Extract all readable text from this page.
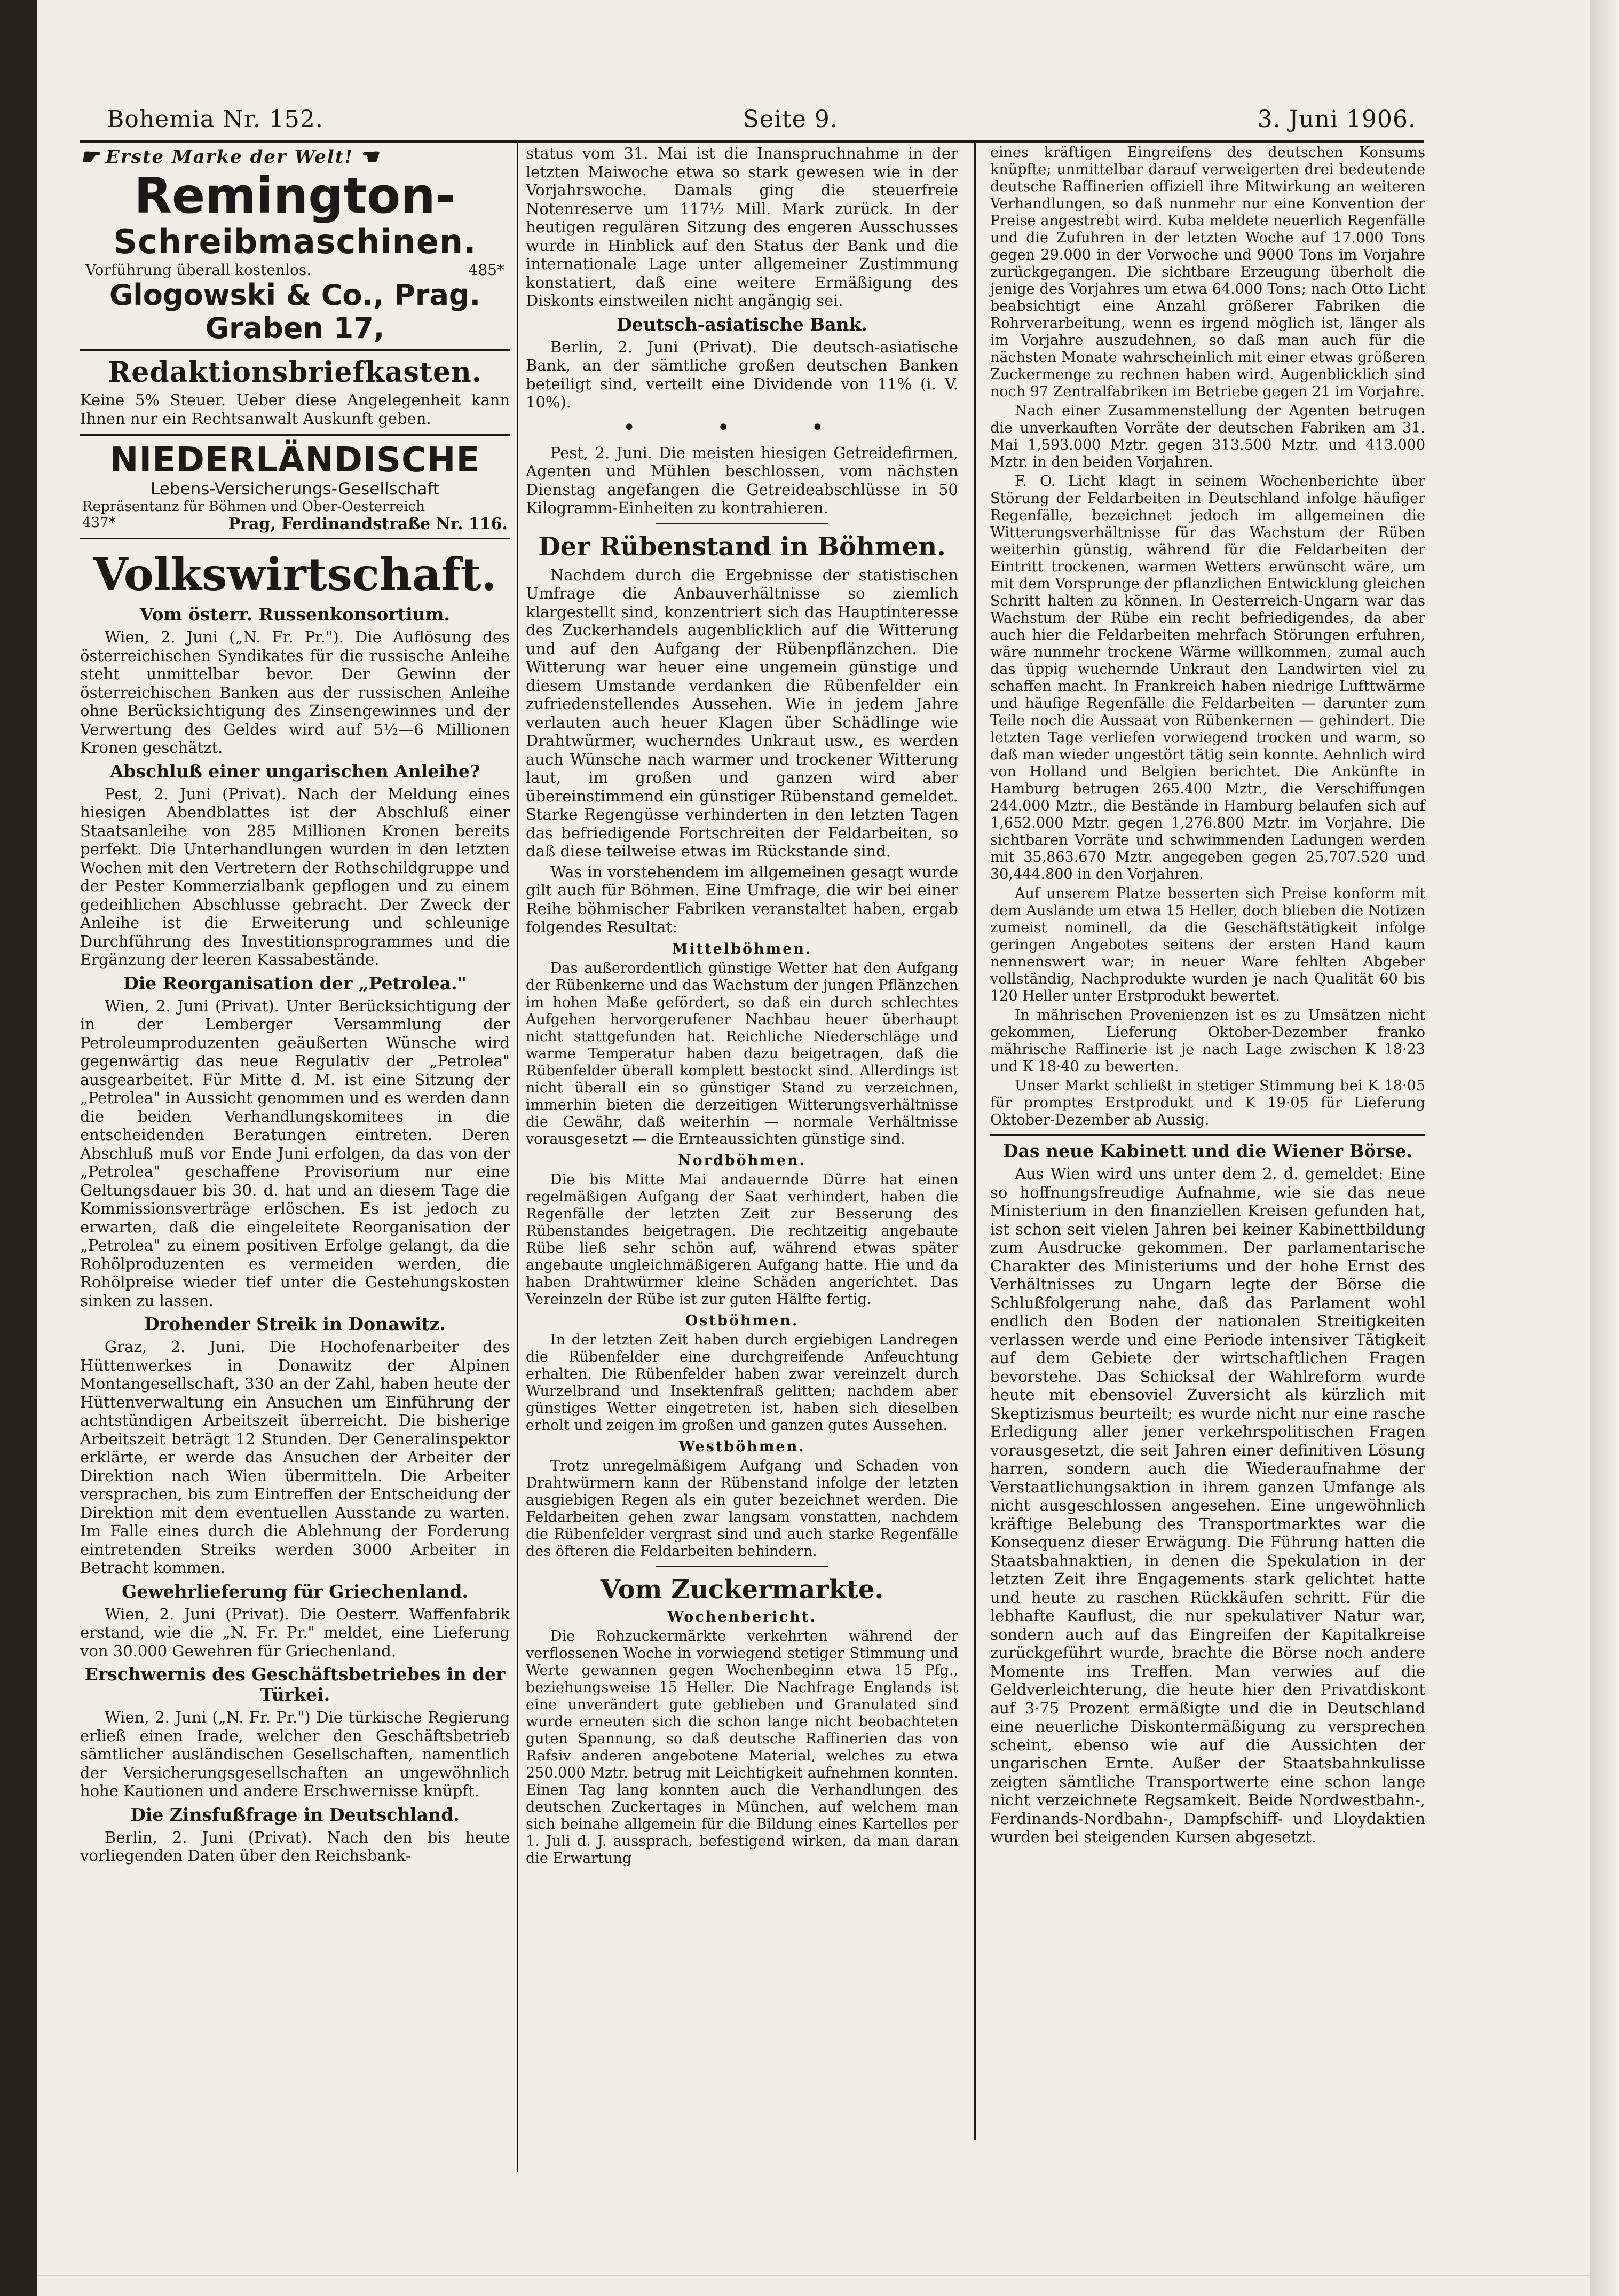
Bohemia Nr. 152.	Seite 9.	3. Juni 1906.
☛ Erste Marke der Welt! ☚
Remington-
Schreibmaschinen.
Vorführung überall kostenlos.	485*
Glogowski & Co., Prag. Graben 17,
Redaktionsbriefkasten.

Keine 5% Steuer. Ueber diese Angelegenheit kann Ihnen nur ein Rechtsanwalt Auskunft geben.

NIEDERLÄNDISCHE
Lebens-Versicherungs-Gesellschaft
Repräsentanz für Böhmen und Ober-Oesterreich
437*	Prag, Ferdinandstraße Nr. 116.
Volkswirtschaft.
Vom österr. Russenkonsortium.

Wien, 2. Juni („N. Fr. Pr."). Die Auflösung des österreichischen Syndikates für die russische Anleihe steht unmittelbar bevor. Der Gewinn der österreichischen Banken aus der russischen Anleihe ohne Berücksichtigung des Zinsengewinnes und der Verwertung des Geldes wird auf 5½—6 Millionen Kronen geschätzt.

Abschluß einer ungarischen Anleihe?

Pest, 2. Juni (Privat). Nach der Meldung eines hiesigen Abendblattes ist der Abschluß einer Staatsanleihe von 285 Millionen Kronen bereits perfekt. Die Unterhandlungen wurden in den letzten Wochen mit den Vertretern der Rothschildgruppe und der Pester Kommerzialbank gepflogen und zu einem gedeihlichen Abschlusse gebracht. Der Zweck der Anleihe ist die Erweiterung und schleunige Durchführung des Investitionsprogrammes und die Ergänzung der leeren Kassabestände.

Die Reorganisation der „Petrolea."

Wien, 2. Juni (Privat). Unter Berücksichtigung der in der Lemberger Versammlung der Petroleumproduzenten geäußerten Wünsche wird gegenwärtig das neue Regulativ der „Petrolea" ausgearbeitet. Für Mitte d. M. ist eine Sitzung der „Petrolea" in Aussicht genommen und es werden dann die beiden Verhandlungskomitees in die entscheidenden Beratungen eintreten. Deren Abschluß muß vor Ende Juni erfolgen, da das von der „Petrolea" geschaffene Provisorium nur eine Geltungsdauer bis 30. d. hat und an diesem Tage die Kommissionsverträge erlöschen. Es ist jedoch zu erwarten, daß die eingeleitete Reorganisation der „Petrolea" zu einem positiven Erfolge gelangt, da die Rohölproduzenten es vermeiden werden, die Rohölpreise wieder tief unter die Gestehungskosten sinken zu lassen.

Drohender Streik in Donawitz.

Graz, 2. Juni. Die Hochofenarbeiter des Hüttenwerkes in Donawitz der Alpinen Montangesellschaft, 330 an der Zahl, haben heute der Hüttenverwaltung ein Ansuchen um Einführung der achtstündigen Arbeitszeit überreicht. Die bisherige Arbeitszeit beträgt 12 Stunden. Der Generalinspektor erklärte, er werde das Ansuchen der Arbeiter der Direktion nach Wien übermitteln. Die Arbeiter versprachen, bis zum Eintreffen der Entscheidung der Direktion mit dem eventuellen Ausstande zu warten. Im Falle eines durch die Ablehnung der Forderung eintretenden Streiks werden 3000 Arbeiter in Betracht kommen.

Gewehrlieferung für Griechenland.

Wien, 2. Juni (Privat). Die Oesterr. Waffenfabrik erstand, wie die „N. Fr. Pr." meldet, eine Lieferung von 30.000 Gewehren für Griechenland.

Erschwernis des Geschäftsbetriebes in der Türkei.

Wien, 2. Juni („N. Fr. Pr.") Die türkische Regierung erließ einen Irade, welcher den Geschäftsbetrieb sämtlicher ausländischen Gesellschaften, namentlich der Versicherungsgesellschaften an ungewöhnlich hohe Kautionen und andere Erschwernisse knüpft.

Die Zinsfußfrage in Deutschland.

Berlin, 2. Juni (Privat). Nach den bis heute vorliegenden Daten über den Reichsbank-

status vom 31. Mai ist die Inanspruchnahme in der letzten Maiwoche etwa so stark gewesen wie in der Vorjahrswoche. Damals ging die steuerfreie Notenreserve um 117½ Mill. Mark zurück. In der heutigen regulären Sitzung des engeren Ausschusses wurde in Hinblick auf den Status der Bank und die internationale Lage unter allgemeiner Zustimmung konstatiert, daß eine weitere Ermäßigung des Diskonts einstweilen nicht angängig sei.

Deutsch-asiatische Bank.

Berlin, 2. Juni (Privat). Die deutsch-asiatische Bank, an der sämtliche großen deutschen Banken beteiligt sind, verteilt eine Dividende von 11% (i. V. 10%).

• • •

Pest, 2. Juni. Die meisten hiesigen Getreidefirmen, Agenten und Mühlen beschlossen, vom nächsten Dienstag angefangen die Getreideabschlüsse in 50 Kilogramm-Einheiten zu kontrahieren.

Der Rübenstand in Böhmen.

Nachdem durch die Ergebnisse der statistischen Umfrage die Anbauverhältnisse so ziemlich klargestellt sind, konzentriert sich das Hauptinteresse des Zuckerhandels augenblicklich auf die Witterung und auf den Aufgang der Rübenpflänzchen. Die Witterung war heuer eine ungemein günstige und diesem Umstande verdanken die Rübenfelder ein zufriedenstellendes Aussehen. Wie in jedem Jahre verlauten auch heuer Klagen über Schädlinge wie Drahtwürmer, wucherndes Unkraut usw., es werden auch Wünsche nach warmer und trockener Witterung laut, im großen und ganzen wird aber übereinstimmend ein günstiger Rübenstand gemeldet. Starke Regengüsse verhinderten in den letzten Tagen das befriedigende Fortschreiten der Feldarbeiten, so daß diese teilweise etwas im Rückstande sind.

Was in vorstehendem im allgemeinen gesagt wurde gilt auch für Böhmen. Eine Umfrage, die wir bei einer Reihe böhmischer Fabriken veranstaltet haben, ergab folgendes Resultat:

Mittelböhmen.

Das außerordentlich günstige Wetter hat den Aufgang der Rübenkerne und das Wachstum der jungen Pflänzchen im hohen Maße gefördert, so daß ein durch schlechtes Aufgehen hervorgerufener Nachbau heuer überhaupt nicht stattgefunden hat. Reichliche Niederschläge und warme Temperatur haben dazu beigetragen, daß die Rübenfelder überall komplett bestockt sind. Allerdings ist nicht überall ein so günstiger Stand zu verzeichnen, immerhin bieten die derzeitigen Witterungsverhältnisse die Gewähr, daß weiterhin — normale Verhältnisse vorausgesetzt — die Ernteaussichten günstige sind.

Nordböhmen.

Die bis Mitte Mai andauernde Dürre hat einen regelmäßigen Aufgang der Saat verhindert, haben die Regenfälle der letzten Zeit zur Besserung des Rübenstandes beigetragen. Die rechtzeitig angebaute Rübe ließ sehr schön auf, während etwas später angebaute ungleichmäßigeren Aufgang hatte. Hie und da haben Drahtwürmer kleine Schäden angerichtet. Das Vereinzeln der Rübe ist zur guten Hälfte fertig.

Ostböhmen.

In der letzten Zeit haben durch ergiebigen Landregen die Rübenfelder eine durchgreifende Anfeuchtung erhalten. Die Rübenfelder haben zwar vereinzelt durch Wurzelbrand und Insektenfraß gelitten; nachdem aber günstiges Wetter eingetreten ist, haben sich dieselben erholt und zeigen im großen und ganzen gutes Aussehen.

Westböhmen.

Trotz unregelmäßigem Aufgang und Schaden von Drahtwürmern kann der Rübenstand infolge der letzten ausgiebigen Regen als ein guter bezeichnet werden. Die Feldarbeiten gehen zwar langsam vonstatten, nachdem die Rübenfelder vergrast sind und auch starke Regenfälle des öfteren die Feldarbeiten behindern.

Vom Zuckermarkte.
Wochenbericht.

Die Rohzuckermärkte verkehrten während der verflossenen Woche in vorwiegend stetiger Stimmung und Werte gewannen gegen Wochenbeginn etwa 15 Pfg., beziehungsweise 15 Heller. Die Nachfrage Englands ist eine unverändert gute geblieben und Granulated sind wurde erneuten sich die schon lange nicht beobachteten guten Spannung, so daß deutsche Raffinerien das von Rafsiv anderen angebotene Material, welches zu etwa 250.000 Mztr. betrug mit Leichtigkeit aufnehmen konnten. Einen Tag lang konnten auch die Verhandlungen des deutschen Zuckertages in München, auf welchem man sich beinahe allgemein für die Bildung eines Kartelles per 1. Juli d. J. aussprach, befestigend wirken, da man daran die Erwartung

eines kräftigen Eingreifens des deutschen Konsums knüpfte; unmittelbar darauf verweigerten drei bedeutende deutsche Raffinerien offiziell ihre Mitwirkung an weiteren Verhandlungen, so daß nunmehr nur eine Konvention der Preise angestrebt wird. Kuba meldete neuerlich Regenfälle und die Zufuhren in der letzten Woche auf 17.000 Tons gegen 29.000 in der Vorwoche und 9000 Tons im Vorjahre zurückgegangen. Die sichtbare Erzeugung überholt die jenige des Vorjahres um etwa 64.000 Tons; nach Otto Licht beabsichtigt eine Anzahl größerer Fabriken die Rohrverarbeitung, wenn es irgend möglich ist, länger als im Vorjahre auszudehnen, so daß man auch für die nächsten Monate wahrscheinlich mit einer etwas größeren Zuckermenge zu rechnen haben wird. Augenblicklich sind noch 97 Zentralfabriken im Betriebe gegen 21 im Vorjahre.

Nach einer Zusammenstellung der Agenten betrugen die unverkauften Vorräte der deutschen Fabriken am 31. Mai 1,593.000 Mztr. gegen 313.500 Mztr. und 413.000 Mztr. in den beiden Vorjahren.

F. O. Licht klagt in seinem Wochenberichte über Störung der Feldarbeiten in Deutschland infolge häufiger Regenfälle, bezeichnet jedoch im allgemeinen die Witterungsverhältnisse für das Wachstum der Rüben weiterhin günstig, während für die Feldarbeiten der Eintritt trockenen, warmen Wetters erwünscht wäre, um mit dem Vorsprunge der pflanzlichen Entwicklung gleichen Schritt halten zu können. In Oesterreich-Ungarn war das Wachstum der Rübe ein recht befriedigendes, da aber auch hier die Feldarbeiten mehrfach Störungen erfuhren, wäre nunmehr trockene Wärme willkommen, zumal auch das üppig wuchernde Unkraut den Landwirten viel zu schaffen macht. In Frankreich haben niedrige Lufttwärme und häufige Regenfälle die Feldarbeiten — darunter zum Teile noch die Aussaat von Rübenkernen — gehindert. Die letzten Tage verliefen vorwiegend trocken und warm, so daß man wieder ungestört tätig sein konnte. Aehnlich wird von Holland und Belgien berichtet. Die Ankünfte in Hamburg betrugen 265.400 Mztr., die Verschiffungen 244.000 Mztr., die Bestände in Hamburg belaufen sich auf 1,652.000 Mztr. gegen 1,276.800 Mztr. im Vorjahre. Die sichtbaren Vorräte und schwimmenden Ladungen werden mit 35,863.670 Mztr. angegeben gegen 25,707.520 und 30,444.800 in den Vorjahren.

Auf unserem Platze besserten sich Preise konform mit dem Auslande um etwa 15 Heller, doch blieben die Notizen zumeist nominell, da die Geschäftstätigkeit infolge geringen Angebotes seitens der ersten Hand kaum nennenswert war; in neuer Ware fehlten Abgeber vollständig, Nachprodukte wurden je nach Qualität 60 bis 120 Heller unter Erstprodukt bewertet.

In mährischen Provenienzen ist es zu Umsätzen nicht gekommen, Lieferung Oktober-Dezember franko mährische Raffinerie ist je nach Lage zwischen K 18·23 und K 18·40 zu bewerten.

Unser Markt schließt in stetiger Stimmung bei K 18·05 für promptes Erstprodukt und K 19·05 für Lieferung Oktober-Dezember ab Aussig.

Das neue Kabinett und die Wiener Börse.

Aus Wien wird uns unter dem 2. d. gemeldet: Eine so hoffnungsfreudige Aufnahme, wie sie das neue Ministerium in den finanziellen Kreisen gefunden hat, ist schon seit vielen Jahren bei keiner Kabinettbildung zum Ausdrucke gekommen. Der parlamentarische Charakter des Ministeriums und der hohe Ernst des Verhältnisses zu Ungarn legte der Börse die Schlußfolgerung nahe, daß das Parlament wohl endlich den Boden der nationalen Streitigkeiten verlassen werde und eine Periode intensiver Tätigkeit auf dem Gebiete der wirtschaftlichen Fragen bevorstehe. Das Schicksal der Wahlreform wurde heute mit ebensoviel Zuversicht als kürzlich mit Skeptizismus beurteilt; es wurde nicht nur eine rasche Erledigung aller jener verkehrspolitischen Fragen vorausgesetzt, die seit Jahren einer definitiven Lösung harren, sondern auch die Wiederaufnahme der Verstaatlichungsaktion in ihrem ganzen Umfange als nicht ausgeschlossen angesehen. Eine ungewöhnlich kräftige Belebung des Transportmarktes war die Konsequenz dieser Erwägung. Die Führung hatten die Staatsbahnaktien, in denen die Spekulation in der letzten Zeit ihre Engagements stark gelichtet hatte und heute zu raschen Rückkäufen schritt. Für die lebhafte Kauflust, die nur spekulativer Natur war, sondern auch auf das Eingreifen der Kapitalkreise zurückgeführt wurde, brachte die Börse noch andere Momente ins Treffen. Man verwies auf die Geldverleichterung, die heute hier den Privatdiskont auf 3·75 Prozent ermäßigte und die in Deutschland eine neuerliche Diskontermäßigung zu versprechen scheint, ebenso wie auf die Aussichten der ungarischen Ernte. Außer der Staatsbahnkulisse zeigten sämtliche Transportwerte eine schon lange nicht verzeichnete Regsamkeit. Beide Nordwestbahn-, Ferdinands-Nordbahn-, Dampfschiff- und Lloydaktien wurden bei steigenden Kursen abgesetzt.
